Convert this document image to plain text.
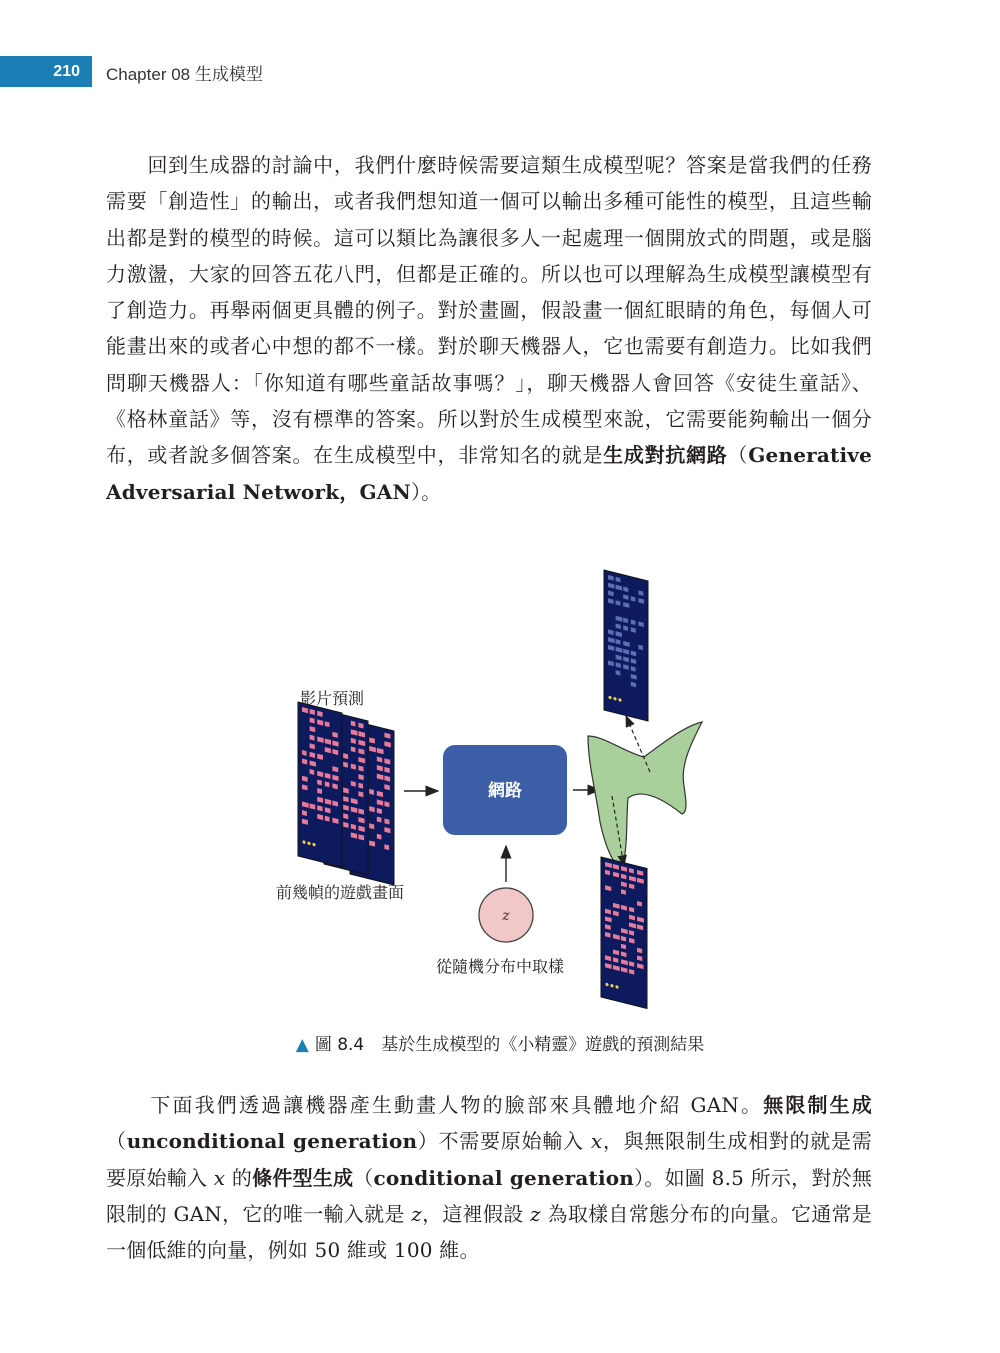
210	Chapter 08 生成模型

　　回到生成器的討論中，我們什麼時候需要這類生成模型呢？答案是當我們的任務需要「創造性」的輸出，或者我們想知道一個可以輸出多種可能性的模型，且這些輸出都是對的模型的時候。這可以類比為讓很多人一起處理一個開放式的問題，或是腦力激盪，大家的回答五花八門，但都是正確的。所以也可以理解為生成模型讓模型有了創造力。再舉兩個更具體的例子。對於畫圖，假設畫一個紅眼睛的角色，每個人可能畫出來的或者心中想的都不一樣。對於聊天機器人，它也需要有創造力。比如我們問聊天機器人：「你知道有哪些童話故事嗎？」，聊天機器人會回答《安徒生童話》、《格林童話》等，沒有標準的答案。所以對於生成模型來說，它需要能夠輸出一個分布，或者說多個答案。在生成模型中，非常知名的就是生成對抗網路（Generative Adversarial Network，GAN）。

網路
z
影片預測
前幾幀的遊戲畫面
從隨機分布中取樣
▲ 圖 8.4　基於生成模型的《小精靈》遊戲的預測結果

　　下面我們透過讓機器產生動畫人物的臉部來具體地介紹 GAN。無限制生成（unconditional generation）不需要原始輸入 x，與無限制生成相對的就是需要原始輸入 x 的條件型生成（conditional generation）。如圖 8.5 所示，對於無限制的 GAN，它的唯一輸入就是 z，這裡假設 z 為取樣自常態分布的向量。它通常是一個低維的向量，例如 50 維或 100 維。
